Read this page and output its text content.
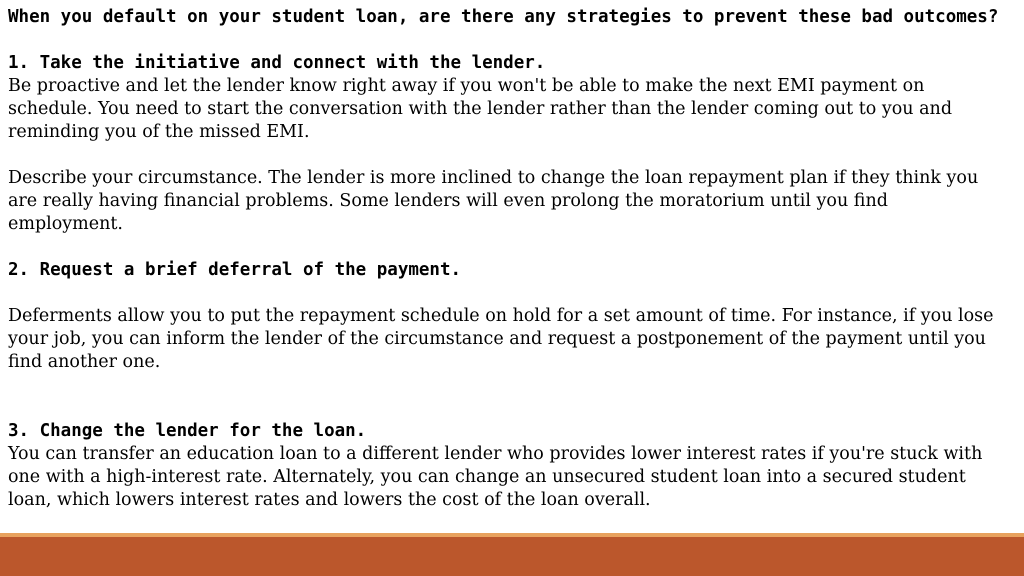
When you default on your student loan, are there any strategies to prevent these bad outcomes?

1. Take the initiative and connect with the lender.

Be proactive and let the lender know right away if you won't be able to make the next EMI payment on schedule. You need to start the conversation with the lender rather than the lender coming out to you and reminding you of the missed EMI.

Describe your circumstance. The lender is more inclined to change the loan repayment plan if they think you are really having financial problems. Some lenders will even prolong the moratorium until you find employment.

2. Request a brief deferral of the payment.

Deferments allow you to put the repayment schedule on hold for a set amount of time. For instance, if you lose your job, you can inform the lender of the circumstance and request a postponement of the payment until you find another one.

3. Change the lender for the loan.

You can transfer an education loan to a different lender who provides lower interest rates if you're stuck with one with a high-interest rate. Alternately, you can change an unsecured student loan into a secured student loan, which lowers interest rates and lowers the cost of the loan overall.
